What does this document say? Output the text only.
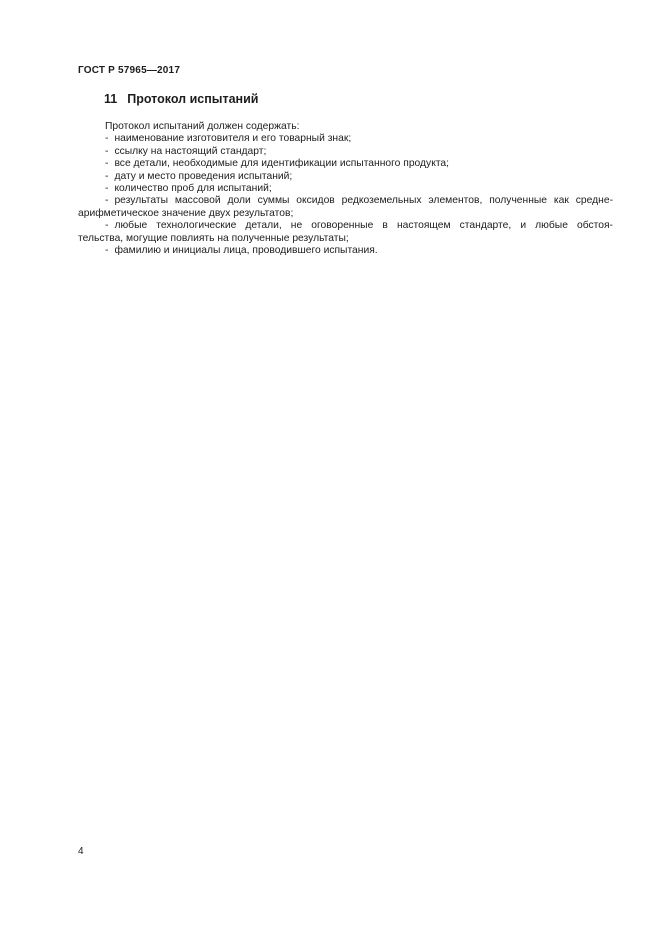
ГОСТ Р 57965—2017
11 Протокол испытаний

Протокол испытаний должен содержать:

- наименование изготовителя и его товарный знак;

- ссылку на настоящий стандарт;

- все детали, необходимые для идентификации испытанного продукта;

- дату и место проведения испытаний;

- количество проб для испытаний;

- результаты массовой доли суммы оксидов редкоземельных элементов, полученные как средне-
арифметическое значение двух результатов;

- любые технологические детали, не оговоренные в настоящем стандарте, и любые обстоя-
тельства, могущие повлиять на полученные результаты;

- фамилию и инициалы лица, проводившего испытания.

4
